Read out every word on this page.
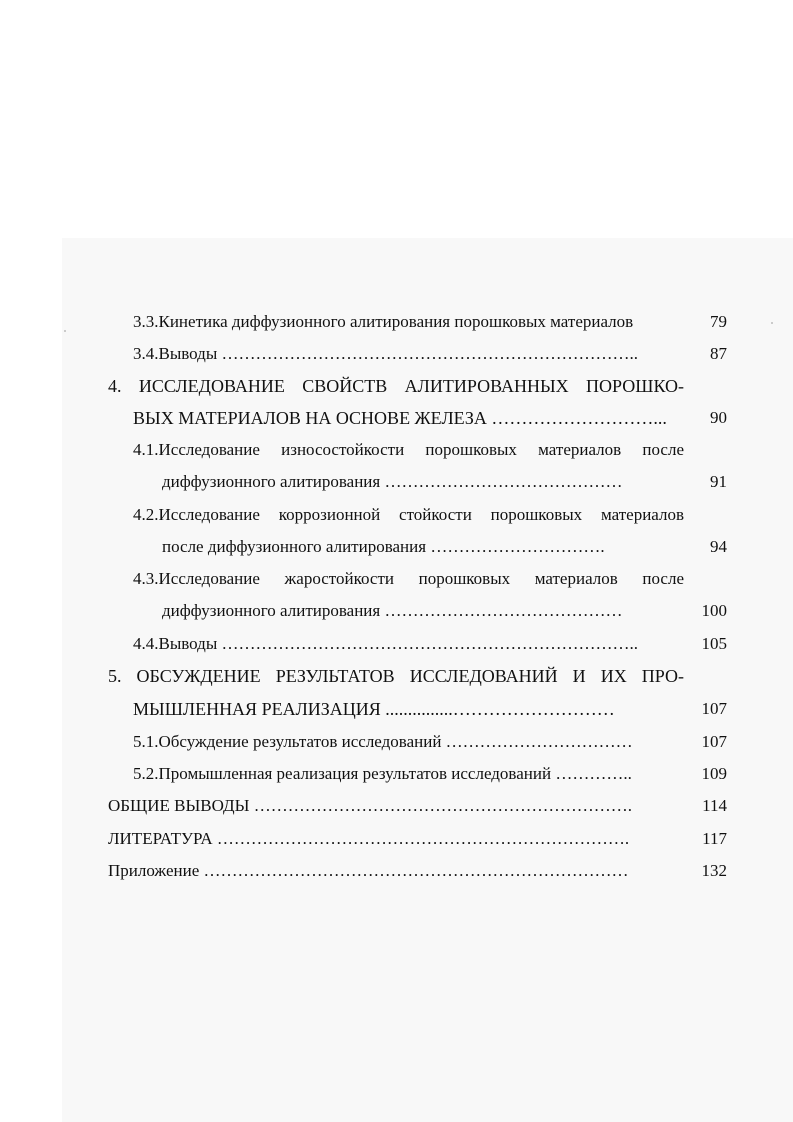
3.3.Кинетика диффузионного алитирования порошковых материалов	79
3.4.Выводы ………………………………………………………………..	87
4. ИССЛЕДОВАНИЕ СВОЙСТВ АЛИТИРОВАННЫХ ПОРОШКО-
ВЫХ МАТЕРИАЛОВ НА ОСНОВЕ ЖЕЛЕЗА ………………………...	90
4.1.Исследование износостойкости порошковых материалов после
диффузионного алитирования ……………………………………	91
4.2.Исследование коррозионной стойкости порошковых материалов
после диффузионного алитирования ………………………….	94
4.3.Исследование жаростойкости порошковых материалов после
диффузионного алитирования ……………………………………	100
4.4.Выводы ………………………………………………………………..	105
5. ОБСУЖДЕНИЕ РЕЗУЛЬТАТОВ ИССЛЕДОВАНИЙ И ИХ ПРО-
МЫШЛЕННАЯ РЕАЛИЗАЦИЯ ...............………………………	107
5.1.Обсуждение результатов исследований ……………………………	107
5.2.Промышленная реализация результатов исследований …………..	109
ОБЩИЕ ВЫВОДЫ ………………………………………………………….	114
ЛИТЕРАТУРА ……………………………………………………………….	117
Приложение …………………………………………………………………	132
